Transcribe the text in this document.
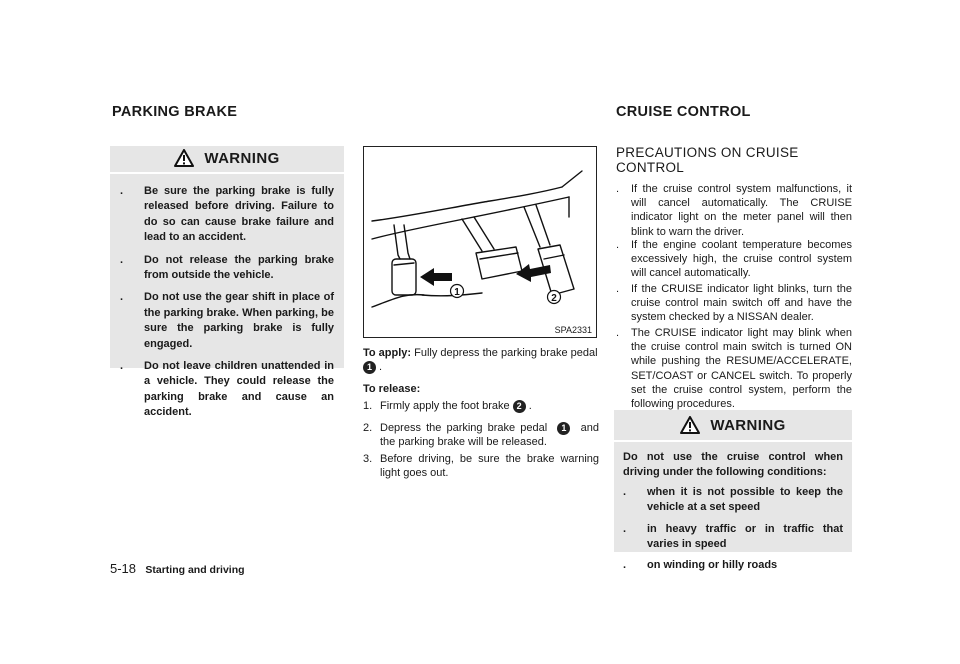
PARKING BRAKE
WARNING
. Be sure the parking brake is fully released before driving. Failure to do so can cause brake failure and lead to an accident.
. Do not release the parking brake from outside the vehicle.
. Do not use the gear shift in place of the parking brake. When parking, be sure the parking brake is fully engaged.
. Do not leave children unattended in a vehicle. They could release the parking brake and cause an accident.
1
2
SPA2331
To apply: Fully depress the parking brake pedal
1 .
To release:
1. Firmly apply the foot brake 2 .
2. Depress the parking brake pedal 1 and the parking brake will be released.
3. Before driving, be sure the brake warning light goes out.
CRUISE CONTROL
PRECAUTIONS ON CRUISE CONTROL
.	If the cruise control system malfunctions, it will cancel automatically. The CRUISE indicator light on the meter panel will then blink to warn the driver.
.	If the engine coolant temperature becomes excessively high, the cruise control system will cancel automatically.
.	If the CRUISE indicator light blinks, turn the cruise control main switch off and have the system checked by a NISSAN dealer.
.	The CRUISE indicator light may blink when the cruise control main switch is turned ON while pushing the RESUME/ACCELERATE, SET/COAST or CANCEL switch. To properly set the cruise control system, perform the following procedures.
WARNING
Do not use the cruise control when driving under the following conditions:
. when it is not possible to keep the vehicle at a set speed
. in heavy traffic or in traffic that varies in speed
. on winding or hilly roads
5-18 Starting and driving
